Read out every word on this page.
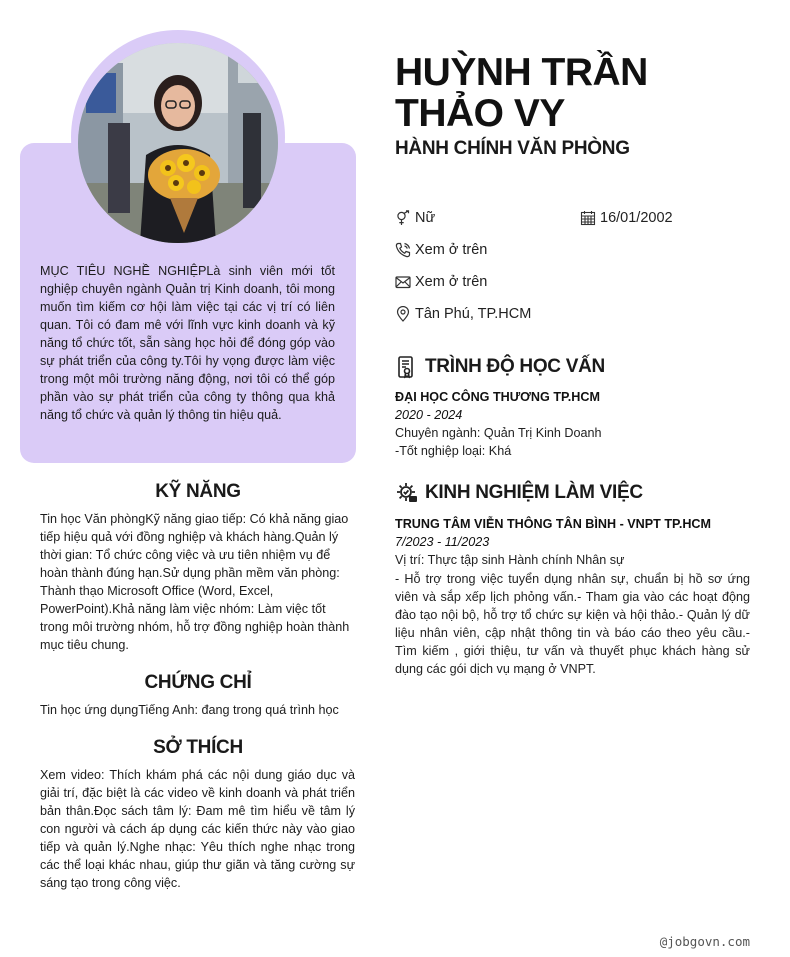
MỤC TIÊU NGHỀ NGHIỆPLà sinh viên mới tốt nghiệp chuyên ngành Quản trị Kinh doanh, tôi mong muốn tìm kiếm cơ hội làm việc tại các vị trí có liên quan. Tôi có đam mê với lĩnh vực kinh doanh và kỹ năng tổ chức tốt, sẵn sàng học hỏi để đóng góp vào sự phát triển của công ty.Tôi hy vọng được làm việc trong một môi trường năng động, nơi tôi có thể góp phần vào sự phát triển của công ty thông qua khả năng tổ chức và quản lý thông tin hiệu quả.
KỸ NĂNG
Tin học Văn phòngKỹ năng giao tiếp: Có khả năng giao tiếp hiệu quả với đồng nghiệp và khách hàng.Quản lý thời gian: Tổ chức công việc và ưu tiên nhiệm vụ để hoàn thành đúng hạn.Sử dụng phần mềm văn phòng: Thành thạo Microsoft Office (Word, Excel, PowerPoint).Khả năng làm việc nhóm: Làm việc tốt trong môi trường nhóm, hỗ trợ đồng nghiệp hoàn thành mục tiêu chung.
CHỨNG CHỈ
Tin học ứng dụngTiếng Anh: đang trong quá trình học
SỞ THÍCH
Xem video: Thích khám phá các nội dung giáo dục và giải trí, đặc biệt là các video về kinh doanh và phát triển bản thân.Đọc sách tâm lý: Đam mê tìm hiểu về tâm lý con người và cách áp dụng các kiến thức này vào giao tiếp và quản lý.Nghe nhạc: Yêu thích nghe nhạc trong các thể loại khác nhau, giúp thư giãn và tăng cường sự sáng tạo trong công việc.
HUỲNH TRẦN
THẢO VY
HÀNH CHÍNH VĂN PHÒNG
Nữ	16/01/2002
Xem ở trên
Xem ở trên
Tân Phú, TP.HCM
TRÌNH ĐỘ HỌC VẤN
ĐẠI HỌC CÔNG THƯƠNG TP.HCM
2020 - 2024
Chuyên ngành: Quản Trị Kinh Doanh
-Tốt nghiệp loại: Khá
KINH NGHIỆM LÀM VIỆC
TRUNG TÂM VIỄN THÔNG TÂN BÌNH - VNPT TP.HCM
7/2023 - 11/2023
Vị trí: Thực tập sinh Hành chính Nhân sự
- Hỗ trợ trong việc tuyển dụng nhân sự, chuẩn bị hồ sơ ứng viên và sắp xếp lịch phỏng vấn.- Tham gia vào các hoạt động đào tạo nội bộ, hỗ trợ tổ chức sự kiện và hội thảo.- Quản lý dữ liệu nhân viên, cập nhật thông tin và báo cáo theo yêu cầu.- Tìm kiếm , giới thiệu, tư vấn và thuyết phục khách hàng sử dụng các gói dịch vụ mạng ở VNPT.
@jobgovn.com
